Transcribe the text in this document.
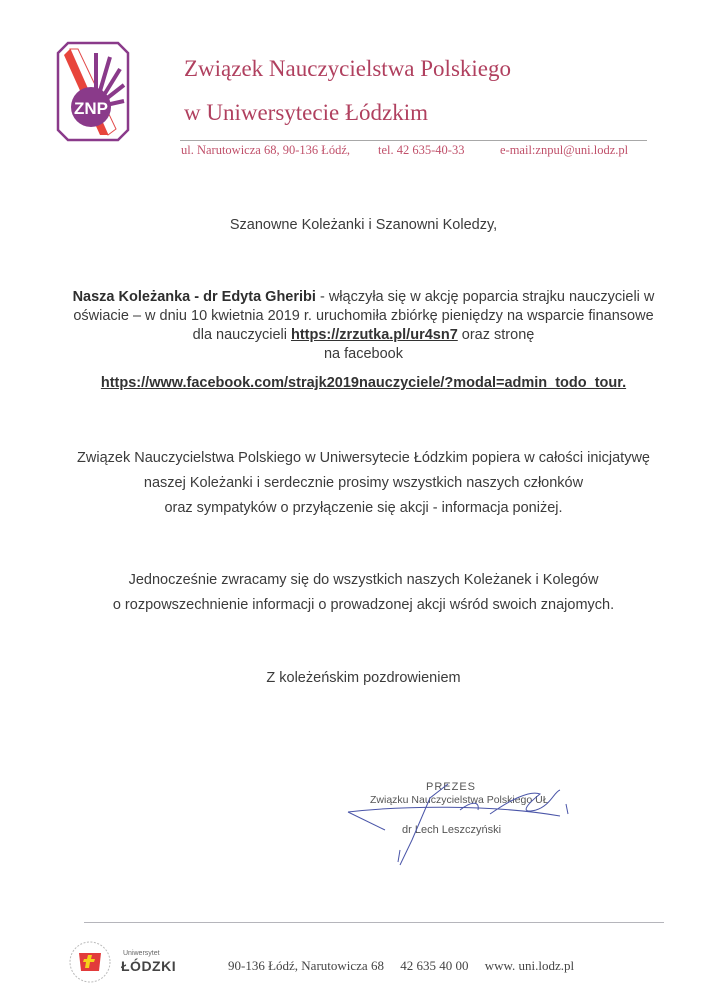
ZNP
Związek Nauczycielstwa Polskiego
w Uniwersytecie Łódzkim
ul. Narutowicza 68, 90-136 Łódź, tel. 42 635-40-33	e-mail:znpul@uni.lodz.pl
Szanowne Koleżanki i Szanowni Koledzy,
Nasza Koleżanka - dr Edyta Gheribi - włączyła się w akcję poparcia strajku nauczycieli w
oświacie – w dniu 10 kwietnia 2019 r. uruchomiła zbiórkę pieniędzy na wsparcie finansowe
dla nauczycieli https://zrzutka.pl/ur4sn7 oraz stronę
na facebook
https://www.facebook.com/strajk2019nauczyciele/?modal=admin_todo_tour.
Związek Nauczycielstwa Polskiego w Uniwersytecie Łódzkim popiera w całości inicjatywę
naszej Koleżanki i serdecznie prosimy wszystkich naszych członków
oraz sympatyków o przyłączenie się akcji - informacja poniżej.
Jednocześnie zwracamy się do wszystkich naszych Koleżanek i Kolegów
o rozpowszechnienie informacji o prowadzonej akcji wśród swoich znajomych.
Z koleżeńskim pozdrowieniem
PREZES
Związku Nauczycielstwa Polskiego UŁ
dr Lech Leszczyński
Uniwersytet
ŁÓDZKI	90-136 Łódź, Narutowicza 68 42 635 40 00 www. uni.lodz.pl
